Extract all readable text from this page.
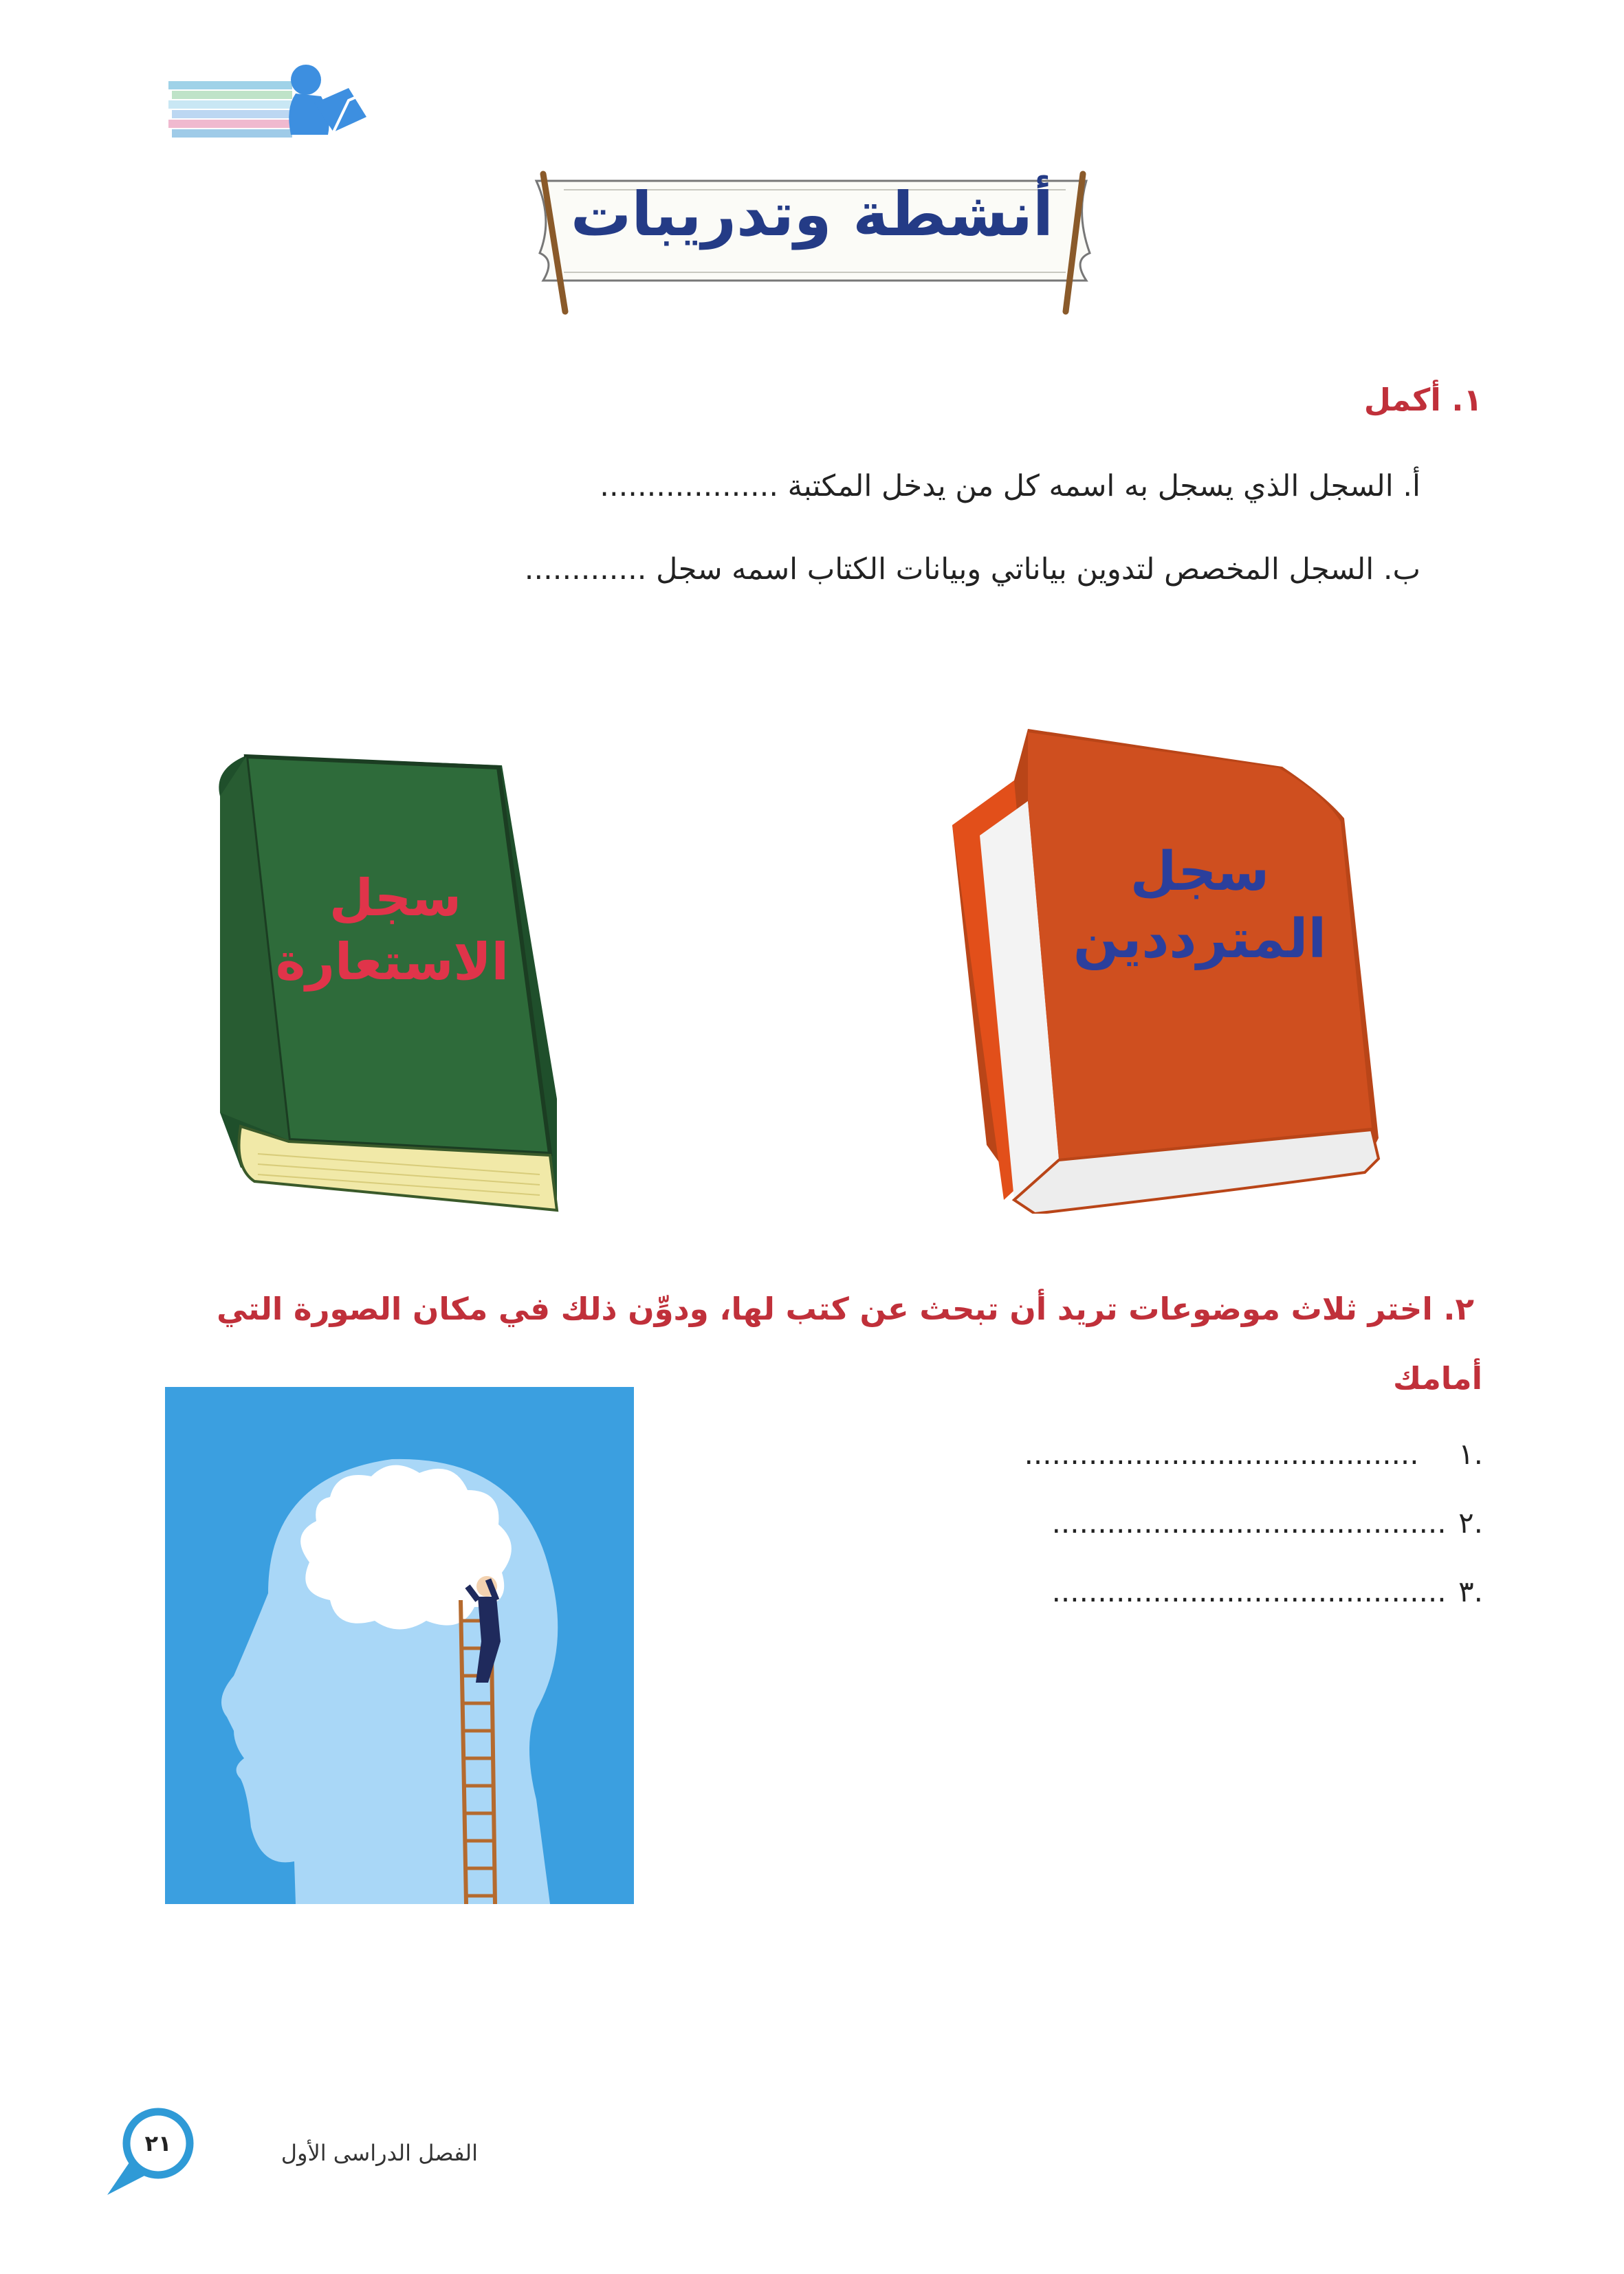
أنشطة وتدريبات
١. أكمل
أ. السجل الذي يسجل به اسمه كل من يدخل المكتبة ...................
ب. السجل المخصص لتدوين بياناتي وبيانات الكتاب اسمه سجل .............
سجل
الاستعارة
سجل
المترددين
٢. اختر ثلاث موضوعات تريد أن تبحث عن كتب لها، ودوِّن ذلك في مكان الصورة التي
أمامك
.١ ...........................................
.٢ ...........................................
.٣ ...........................................
٢١	الفصل الدراسى الأول
